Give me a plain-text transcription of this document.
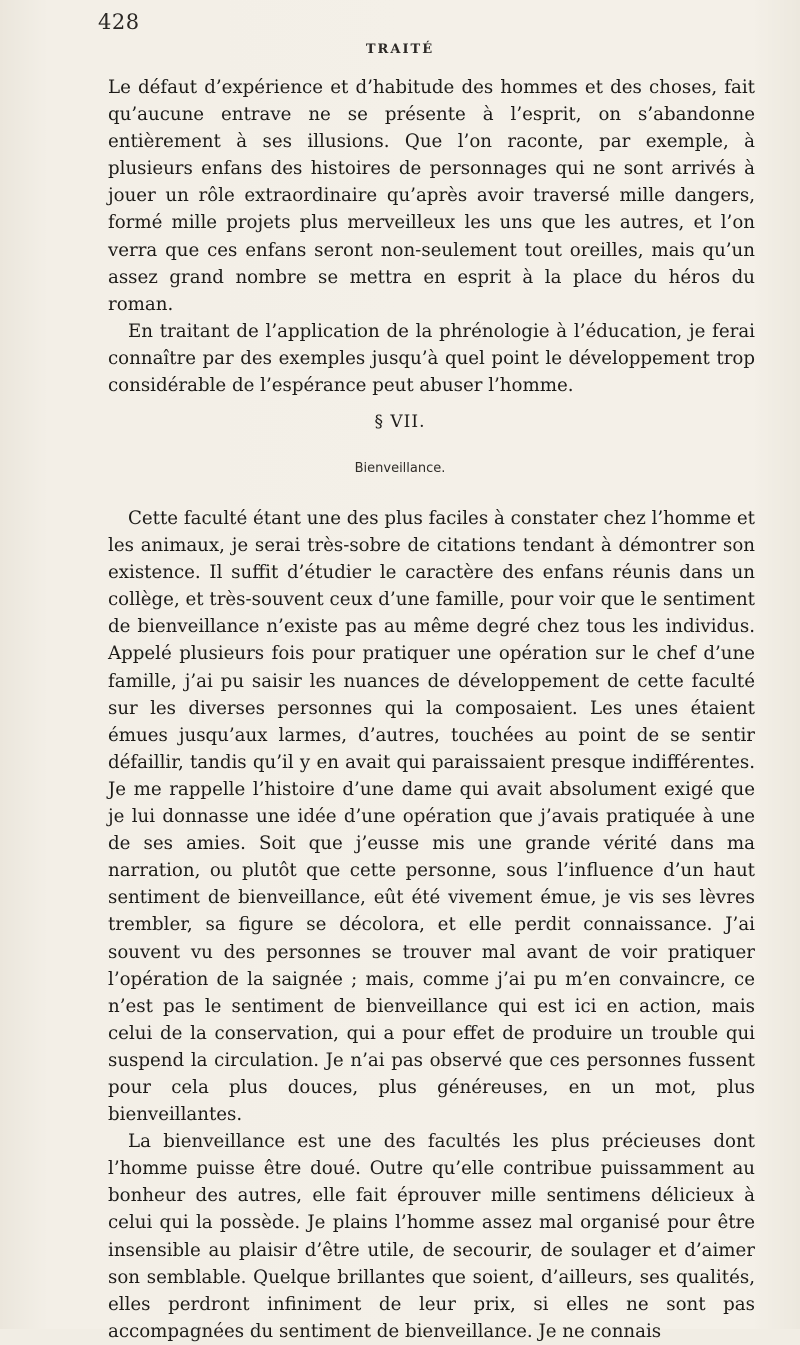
428
TRAITÉ

Le défaut d’expérience et d’habitude des hommes et des choses, fait qu’aucune entrave ne se présente à l’esprit, on s’abandonne entièrement à ses illusions. Que l’on raconte, par exemple, à plusieurs enfans des histoires de personnages qui ne sont arrivés à jouer un rôle extraordinaire qu’après avoir traversé mille dangers, formé mille projets plus merveilleux les uns que les autres, et l’on verra que ces enfans seront non-seulement tout oreilles, mais qu’un assez grand nombre se mettra en esprit à la place du héros du roman.

En traitant de l’application de la phrénologie à l’éducation, je ferai connaître par des exemples jusqu’à quel point le développement trop considérable de l’espérance peut abuser l’homme.

§ VII.
Bienveillance.

Cette faculté étant une des plus faciles à constater chez l’homme et les animaux, je serai très-sobre de citations tendant à démontrer son existence. Il suffit d’étudier le caractère des enfans réunis dans un collège, et très-souvent ceux d’une famille, pour voir que le sentiment de bienveillance n’existe pas au même degré chez tous les individus. Appelé plusieurs fois pour pratiquer une opération sur le chef d’une famille, j’ai pu saisir les nuances de développement de cette faculté sur les diverses personnes qui la composaient. Les unes étaient émues jusqu’aux larmes, d’autres, touchées au point de se sentir défaillir, tandis qu’il y en avait qui paraissaient presque indifférentes. Je me rappelle l’histoire d’une dame qui avait absolument exigé que je lui donnasse une idée d’une opération que j’avais pratiquée à une de ses amies. Soit que j’eusse mis une grande vérité dans ma narration, ou plutôt que cette personne, sous l’influence d’un haut sentiment de bienveillance, eût été vivement émue, je vis ses lèvres trembler, sa figure se décolora, et elle perdit connaissance. J’ai souvent vu des personnes se trouver mal avant de voir pratiquer l’opération de la saignée ; mais, comme j’ai pu m’en convaincre, ce n’est pas le sentiment de bienveillance qui est ici en action, mais celui de la conservation, qui a pour effet de produire un trouble qui suspend la circulation. Je n’ai pas observé que ces personnes fussent pour cela plus douces, plus généreuses, en un mot, plus bienveillantes.

La bienveillance est une des facultés les plus précieuses dont l’homme puisse être doué. Outre qu’elle contribue puissamment au bonheur des autres, elle fait éprouver mille sentimens délicieux à celui qui la possède. Je plains l’homme assez mal organisé pour être insensible au plaisir d’être utile, de secourir, de soulager et d’aimer son semblable. Quelque brillantes que soient, d’ailleurs, ses qualités, elles perdront infiniment de leur prix, si elles ne sont pas accompagnées du sentiment de bienveillance. Je ne connais
